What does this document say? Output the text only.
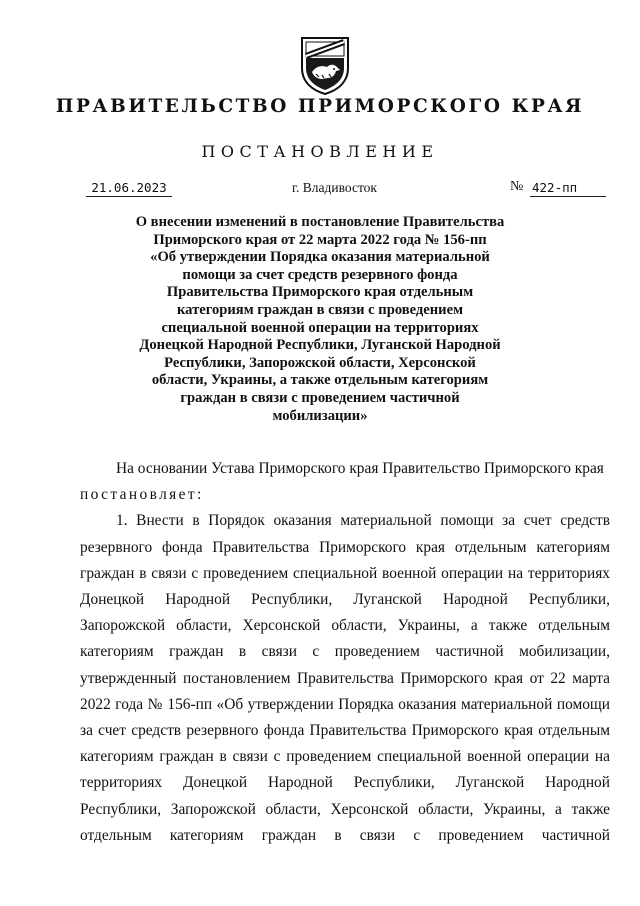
ПРАВИТЕЛЬСТВО ПРИМОРСКОГО КРАЯ
ПОСТАНОВЛЕНИЕ
21.06.2023	г. Владивосток	№ 422-пп
О внесении изменений в постановление Правительства
Приморского края от 22 марта 2022 года № 156-пп
«Об утверждении Порядка оказания материальной
помощи за счет средств резервного фонда
Правительства Приморского края отдельным
категориям граждан в связи с проведением
специальной военной операции на территориях
Донецкой Народной Республики, Луганской Народной
Республики, Запорожской области, Херсонской
области, Украины, а также отдельным категориям
граждан в связи с проведением частичной
мобилизации»
На основании Устава Приморского края Правительство Приморского края
постановляет:
1. Внести в Порядок оказания материальной помощи за счет средств
резервного фонда Правительства Приморского края отдельным категориям
граждан в связи с проведением специальной военной операции на территориях
Донецкой Народной Республики, Луганской Народной Республики,
Запорожской области, Херсонской области, Украины, а также отдельным
категориям граждан в связи с проведением частичной мобилизации,
утвержденный постановлением Правительства Приморского края от 22 марта
2022 года № 156-пп «Об утверждении Порядка оказания материальной помощи
за счет средств резервного фонда Правительства Приморского края отдельным
категориям граждан в связи с проведением специальной военной операции на
территориях Донецкой Народной Республики, Луганской Народной
Республики, Запорожской области, Херсонской области, Украины, а также
отдельным категориям граждан в связи с проведением частичной
